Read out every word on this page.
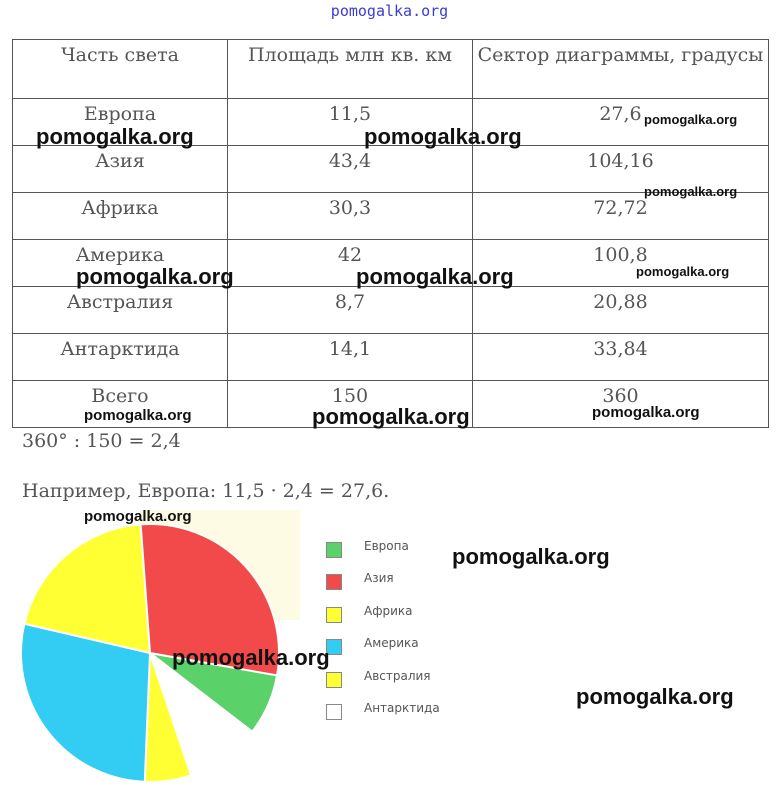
pomogalka.org
Часть света	Площадь млн кв. км	Сектор диаграммы, градусы
Европа	11,5	27,6
Азия	43,4	104,16
Африка	30,3	72,72
Америка	42	100,8
Австралия	8,7	20,88
Антарктида	14,1	33,84
Всего	150	360
360° : 150 = 2,4
Например, Европа: 11,5 · 2,4 = 27,6.
Европа
Азия
Африка
Америка
Австралия
Антарктида
pomogalka.org	pomogalka.org
pomogalka.org
pomogalka.org
pomogalka.org
pomogalka.org	pomogalka.org
pomogalka.org	pomogalka.org	pomogalka.org
pomogalka.org
pomogalka.org
pomogalka.org
pomogalka.org
